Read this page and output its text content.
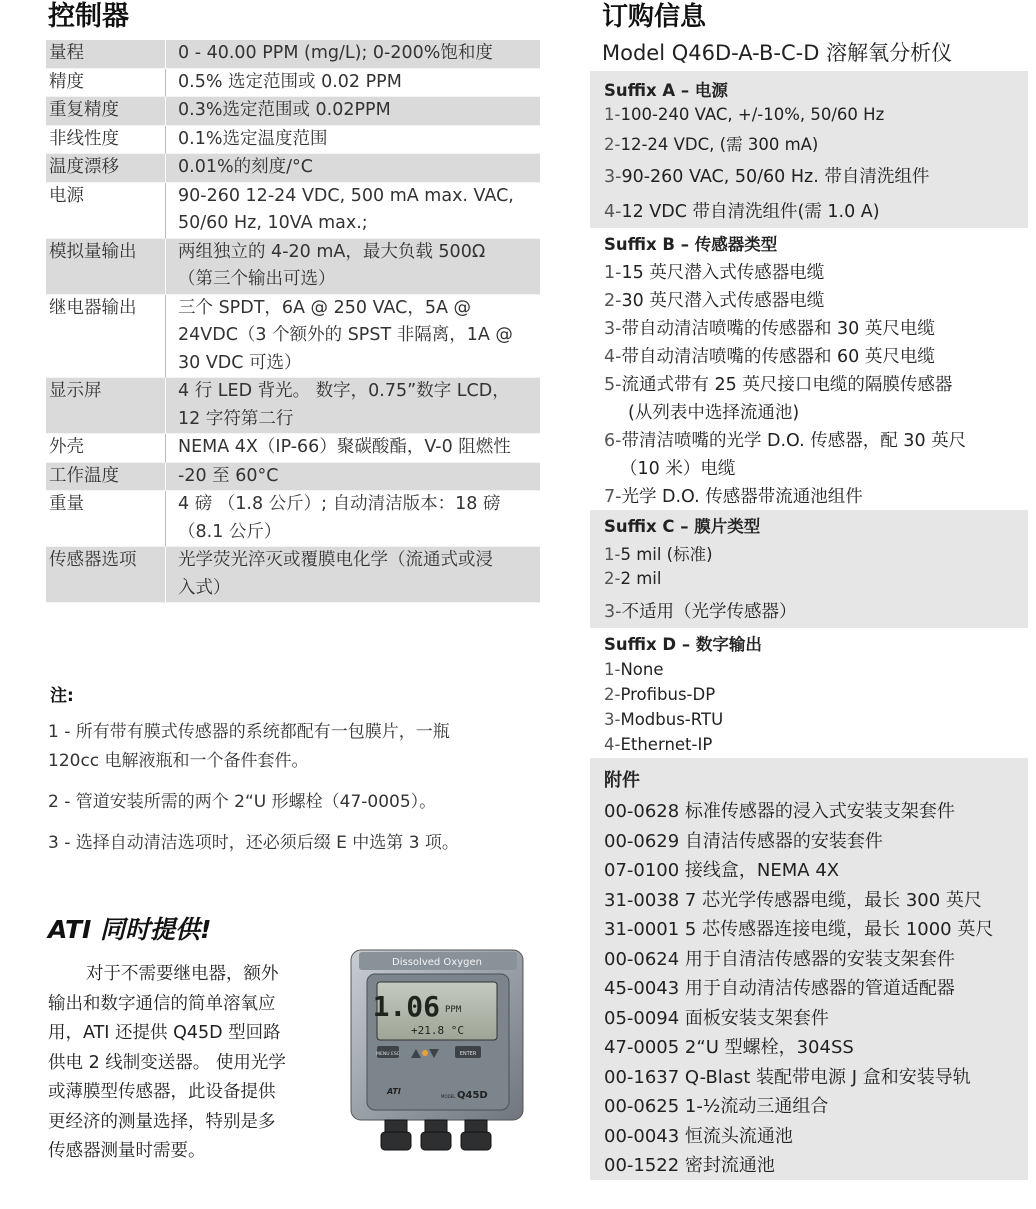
控制器
量程	0 - 40.00 PPM (mg/L); 0-200%饱和度

精度	0.5% 选定范围或 0.02 PPM

重复精度	0.3%选定范围或 0.02PPM

非线性度	0.1%选定温度范围

温度漂移	0.01%的刻度/°C

电源	90-260 12-24 VDC, 500 mA max. VAC,
50/60 Hz, 10VA max.;

模拟量输出	两组独立的 4-20 mA，最大负载 500Ω
（第三个输出可选）

继电器输出	三个 SPDT，6A @ 250 VAC，5A @
24VDC（3 个额外的 SPST 非隔离，1A @
30 VDC 可选）

显示屏	4 行 LED 背光。 数字，0.75”数字 LCD，
12 字符第二行

外壳	NEMA 4X（IP-66）聚碳酸酯，V-0 阻燃性

工作温度	-20 至 60°C

重量	4 磅 （1.8 公斤）; 自动清洁版本：18 磅
（8.1 公斤）

传感器选项	光学荧光淬灭或覆膜电化学（流通式或浸
入式）
注:
1 - 所有带有膜式传感器的系统都配有一包膜片，一瓶
120cc 电解液瓶和一个备件套件。
2 - 管道安装所需的两个 2“U 形螺栓（47-0005）。
3 - 选择自动清洁选项时，还必须后缀 E 中选第 3 项。
ATI 同时提供!
对于不需要继电器，额外
输出和数字通信的简单溶氧应
用，ATI 还提供 Q45D 型回路
供电 2 线制变送器。 使用光学
或薄膜型传感器，此设备提供
更经济的测量选择，特别是多
传感器测量时需要。
Dissolved Oxygen
1.06 PPM
+21.8 °C
MENU ESC	ENTER
ATI
MODEL Q45D
订购信息
Model Q46D-A-B-C-D 溶解氧分析仪
Suffix A – 电源
1-100-240 VAC, +/-10%, 50/60 Hz
2-12-24 VDC, (需 300 mA)
3-90-260 VAC, 50/60 Hz. 带自清洗组件
4-12 VDC 带自清洗组件(需 1.0 A)
Suffix B – 传感器类型
1-15 英尺潜入式传感器电缆
2-30 英尺潜入式传感器电缆
3-带自动清洁喷嘴的传感器和 30 英尺电缆
4-带自动清洁喷嘴的传感器和 60 英尺电缆
5-流通式带有 25 英尺接口电缆的隔膜传感器
(从列表中选择流通池)
6-带清洁喷嘴的光学 D.O. 传感器，配 30 英尺
（10 米）电缆
7-光学 D.O. 传感器带流通池组件
Suffix C – 膜片类型
1-5 mil (标准)
2-2 mil
3-不适用（光学传感器）
Suffix D – 数字输出
1-None
2-Profibus-DP
3-Modbus-RTU
4-Ethernet-IP
附件
00-0628 标准传感器的浸入式安装支架套件
00-0629 自清洁传感器的安装套件
07-0100 接线盒，NEMA 4X
31-0038 7 芯光学传感器电缆，最长 300 英尺
31-0001 5 芯传感器连接电缆，最长 1000 英尺
00-0624 用于自清洁传感器的安装支架套件
45-0043 用于自动清洁传感器的管道适配器
05-0094 面板安装支架套件
47-0005 2“U 型螺栓，304SS
00-1637 Q-Blast 装配带电源 J 盒和安装导轨
00-0625 1-½流动三通组合
00-0043 恒流头流通池
00-1522 密封流通池
